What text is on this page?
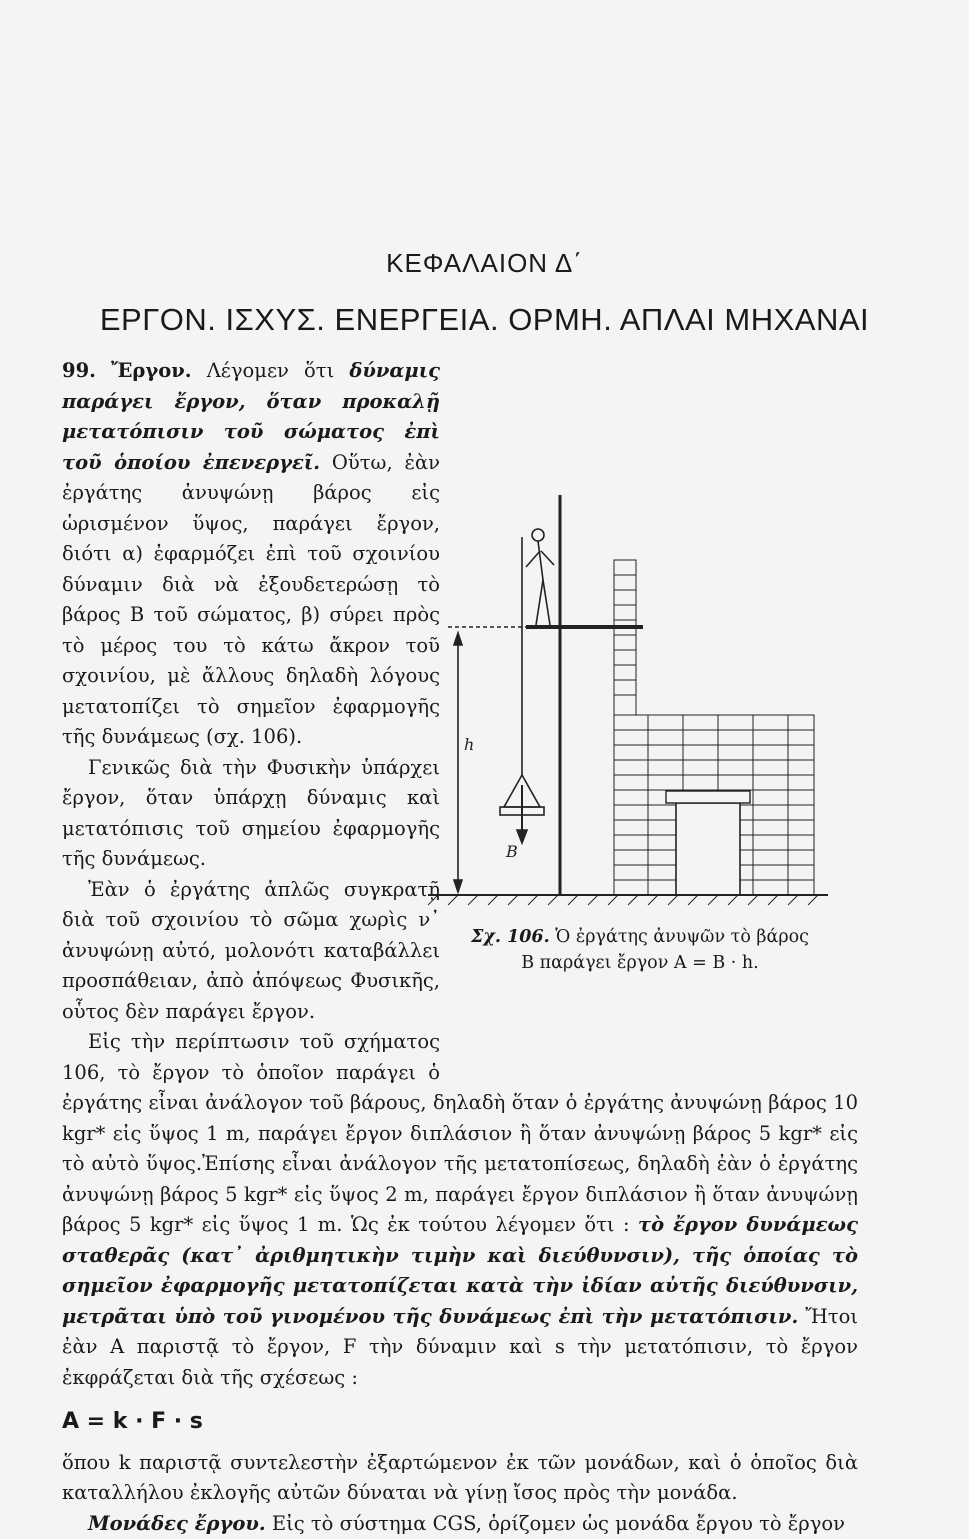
ΚΕΦΑΛΑΙΟΝ Δ΄
ΕΡΓΟΝ. ΙΣΧΥΣ. ΕΝΕΡΓΕΙΑ. ΟΡΜΗ. ΑΠΛΑΙ ΜΗΧΑΝΑΙ

99. Ἔργον. Λέγομεν ὅτι δύναμις παράγει ἔργον, ὅταν προκαλῇ μετατόπισιν τοῦ σώματος ἐπὶ τοῦ ὁποίου ἐπενεργεῖ. Οὕτω, ἐὰν ἐργάτης ἀνυψώνῃ βάρος εἰς ὡρισμένον ὕψος, παράγει ἔργον, διότι α) ἐφαρμόζει ἐπὶ τοῦ σχοινίου δύναμιν διὰ νὰ ἐξουδετερώσῃ τὸ βάρος Β τοῦ σώματος, β) σύρει πρὸς τὸ μέρος του τὸ κάτω ἄκρον τοῦ σχοινίου, μὲ ἄλλους δηλαδὴ λόγους μετατοπίζει τὸ σημεῖον ἐφαρμογῆς τῆς δυνάμεως (σχ. 106).

Γενικῶς διὰ τὴν Φυσικὴν ὑπάρχει ἔργον, ὅταν ὑπάρχῃ δύναμις καὶ μετατόπισις τοῦ σημείου ἐφαρμογῆς τῆς δυνάμεως.

Ἐὰν ὁ ἐργάτης ἁπλῶς συγκρατῇ διὰ τοῦ σχοινίου τὸ σῶμα χωρὶς ν᾿ ἀνυψώνῃ αὐτό, μολονότι καταβάλλει προσπάθειαν, ἀπὸ ἀπόψεως Φυσικῆς, οὗτος δὲν παράγει ἔργον.

Εἰς τὴν περίπτωσιν τοῦ σχήματος 106, τὸ ἔργον τὸ ὁποῖον παράγει ὁ ἐργάτης εἶναι ἀνάλογον τοῦ βάρους, δηλαδὴ ὅταν ὁ ἐργάτης ἀνυψώνῃ βάρος 10 kgr* εἰς ὕψος 1 m, παράγει ἔργον διπλάσιον ἢ ὅταν ἀνυψώνῃ βάρος 5 kgr* εἰς τὸ αὐτὸ ὕψος.Ἐπίσης εἶναι ἀνάλογον τῆς μετατοπίσεως, δηλαδὴ ἐὰν ὁ ἐργάτης ἀνυψώνῃ βάρος 5 kgr* εἰς ὕψος 2 m, παράγει ἔργον διπλάσιον ἢ ὅταν ἀνυψώνῃ βάρος 5 kgr* εἰς ὕψος 1 m. Ὡς ἐκ τούτου λέγομεν ὅτι : τὸ ἔργον δυνάμεως σταθερᾶς (κατ᾿ ἀριθμητικὴν τιμὴν καὶ διεύθυνσιν), τῆς ὁποίας τὸ σημεῖον ἐφαρμογῆς μετατοπίζεται κατὰ τὴν ἰδίαν αὐτῆς διεύθυνσιν, μετρᾶται ὑπὸ τοῦ γινομένου τῆς δυνάμεως ἐπὶ τὴν μετατόπισιν. Ἤτοι ἐὰν Α παριστᾷ τὸ ἔργον, F τὴν δύναμιν καὶ s τὴν μετατόπισιν, τὸ ἔργον ἐκφράζεται διὰ τῆς σχέσεως :

A = k · F · s

ὅπου k παριστᾷ συντελεστὴν ἐξαρτώμενον ἐκ τῶν μονάδων, καὶ ὁ ὁποῖος διὰ καταλλήλου ἐκλογῆς αὐτῶν δύναται νὰ γίνῃ ἴσος πρὸς τὴν μονάδα.

Μονάδες ἔργου. Εἰς τὸ σύστημα CGS, ὁρίζομεν ὡς μονάδα ἔργου τὸ ἔργον

h
B
Σχ. 106. Ὁ ἐργάτης ἀνυψῶν τὸ βάρος
Β παράγει ἔργον Α = Β · h.
